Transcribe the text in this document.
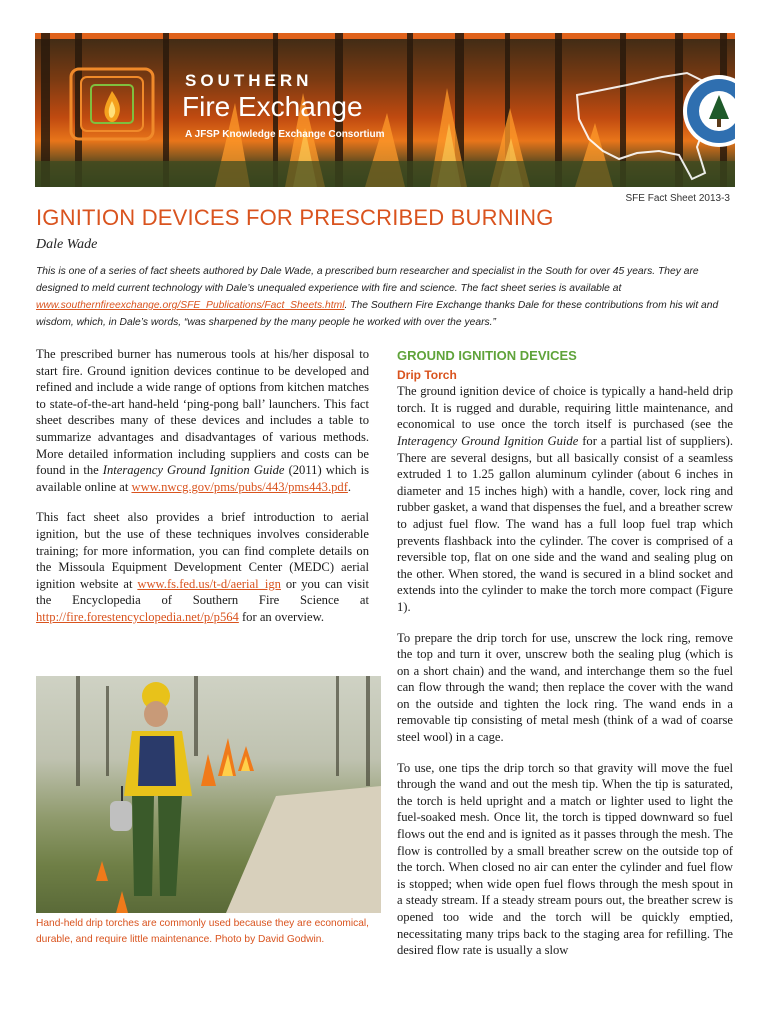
SOUTHERN
Fire Exchange
A JFSP Knowledge Exchange Consortium
SFE Fact Sheet 2013-3
IGNITION DEVICES FOR PRESCRIBED BURNING
Dale Wade
This is one of a series of fact sheets authored by Dale Wade, a prescribed burn researcher and specialist in the South for over 45 years. They are designed to meld current technology with Dale’s unequaled experience with fire and science. The fact sheet series is available at www.southernfireexchange.org/SFE_Publications/Fact_Sheets.html. The Southern Fire Exchange thanks Dale for these contributions from his wit and wisdom, which, in Dale’s words, “was sharpened by the many people he worked with over the years.”

The prescribed burner has numerous tools at his/her disposal to start fire. Ground ignition devices continue to be developed and refined and include a wide range of options from kitchen matches to state-of-the-art hand-held ‘ping-pong ball’ launchers. This fact sheet describes many of these devices and includes a table to summarize advantages and disadvantages of various methods. More detailed information including suppliers and costs can be found in the Interagency Ground Ignition Guide (2011) which is available online at www.nwcg.gov/pms/pubs/443/pms443.pdf.

This fact sheet also provides a brief introduction to aerial ignition, but the use of these techniques involves considerable training; for more information, you can find complete details on the Missoula Equipment Development Center (MEDC) aerial ignition website at www.fs.fed.us/t-d/aerial_ign or you can visit the Encyclopedia of Southern Fire Science at http://fire.forestencyclopedia.net/p/p564 for an overview.

Hand-held drip torches are commonly used because they are economical, durable, and require little maintenance. Photo by David Godwin.
GROUND IGNITION DEVICES
Drip Torch

The ground ignition device of choice is typically a hand-held drip torch. It is rugged and durable, requiring little maintenance, and economical to use once the torch itself is purchased (see the Interagency Ground Ignition Guide for a partial list of suppliers). There are several designs, but all basically consist of a seamless extruded 1 to 1.25 gallon aluminum cylinder (about 6 inches in diameter and 15 inches high) with a handle, cover, lock ring and rubber gasket, a wand that dispenses the fuel, and a breather screw to adjust fuel flow. The wand has a full loop fuel trap which prevents flashback into the cylinder. The cover is comprised of a reversible top, flat on one side and the wand and sealing plug on the other. When stored, the wand is secured in a blind socket and extends into the cylinder to make the torch more compact (Figure 1).

To prepare the drip torch for use, unscrew the lock ring, remove the top and turn it over, unscrew both the sealing plug (which is on a short chain) and the wand, and interchange them so the fuel can flow through the wand; then replace the cover with the wand on the outside and tighten the lock ring. The wand ends in a removable tip consisting of metal mesh (think of a wad of coarse steel wool) in a cage.

To use, one tips the drip torch so that gravity will move the fuel through the wand and out the mesh tip. When the tip is saturated, the torch is held upright and a match or lighter used to light the fuel-soaked mesh. Once lit, the torch is tipped downward so fuel flows out the end and is ignited as it passes through the mesh. The flow is controlled by a small breather screw on the outside top of the torch. When closed no air can enter the cylinder and fuel flow is stopped; when wide open fuel flows through the mesh spout in a steady stream. If a steady stream pours out, the breather screw is opened too wide and the torch will be quickly emptied, necessitating many trips back to the staging area for refilling. The desired flow rate is usually a slow
